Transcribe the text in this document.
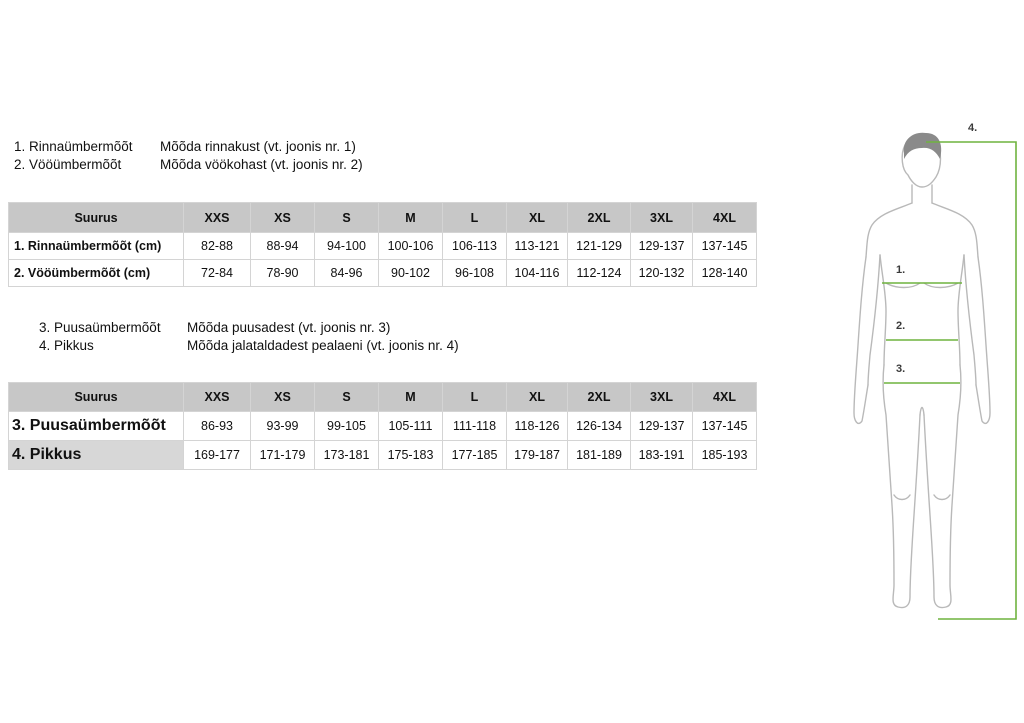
1. Rinnaümbermõõt	Mõõda rinnakust (vt. joonis nr. 1)
2. Vööümbermõõt	Mõõda vöökohast (vt. joonis nr. 2)
Suurus	XXS	XS	S	M	L	XL	2XL	3XL	4XL
1. Rinnaümbermõõt (cm)	82-88	88-94	94-100	100-106	106-113	113-121	121-129	129-137	137-145
2. Vööümbermõõt (cm)	72-84	78-90	84-96	90-102	96-108	104-116	112-124	120-132	128-140
3. Puusaümbermõõt	Mõõda puusadest (vt. joonis nr. 3)
4. Pikkus	Mõõda jalataldadest pealaeni (vt. joonis nr. 4)
Suurus	XXS	XS	S	M	L	XL	2XL	3XL	4XL
3. Puusaümbermõõt	86-93	93-99	99-105	105-111	111-118	118-126	126-134	129-137	137-145
4. Pikkus	169-177	171-179	173-181	175-183	177-185	179-187	181-189	183-191	185-193
1.
2.
3.
4.
